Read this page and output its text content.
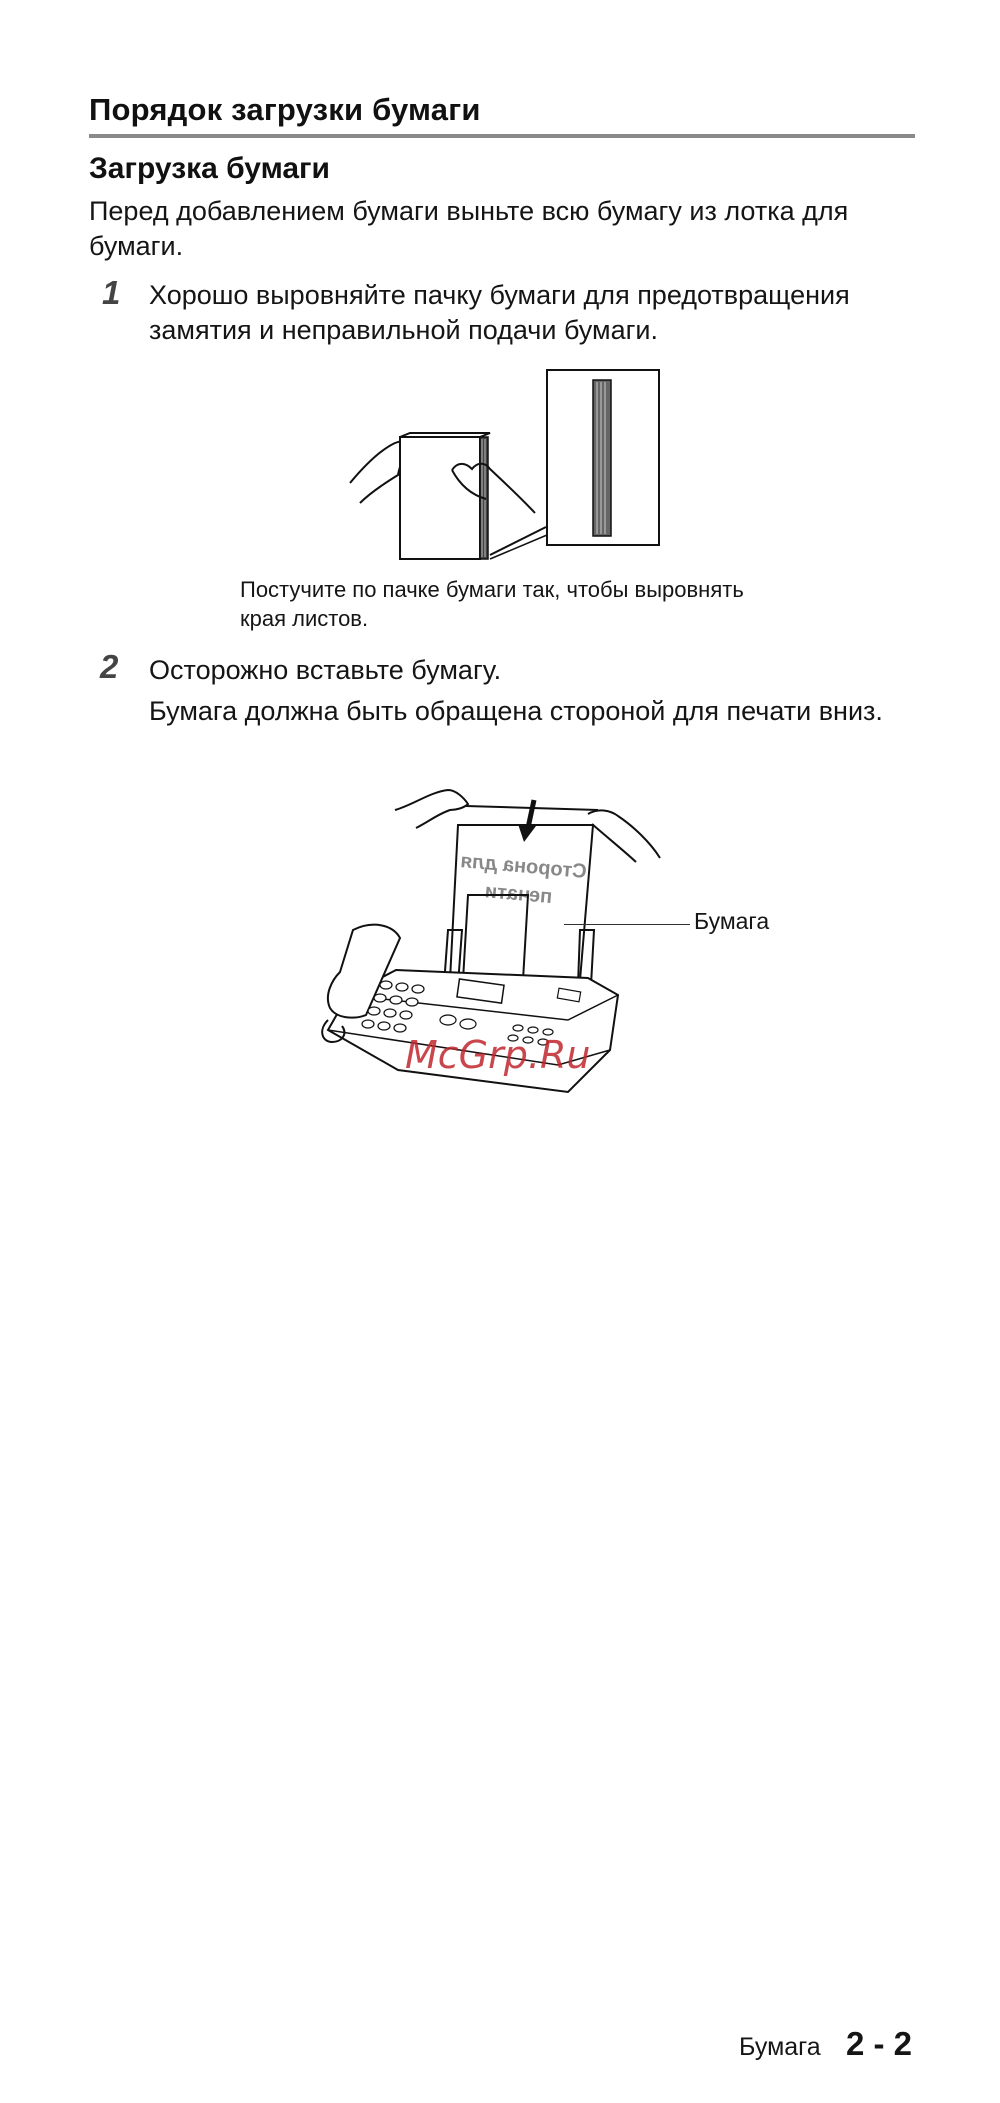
Порядок загрузки бумаги
Загрузка бумаги
Перед добавлением бумаги выньте всю бумагу из лотка для бумаги.
1 Хорошо выровняйте пачку бумаги для предотвращения замятия и неправильной подачи бумаги.
Постучите по пачке бумаги так, чтобы выровнять края листов.
2 Осторожно вставьте бумагу.
Бумага должна быть обращена стороной для печати вниз.
Сторона для
печати
Бумага
McGrp.Ru
Бумага 2 - 2
